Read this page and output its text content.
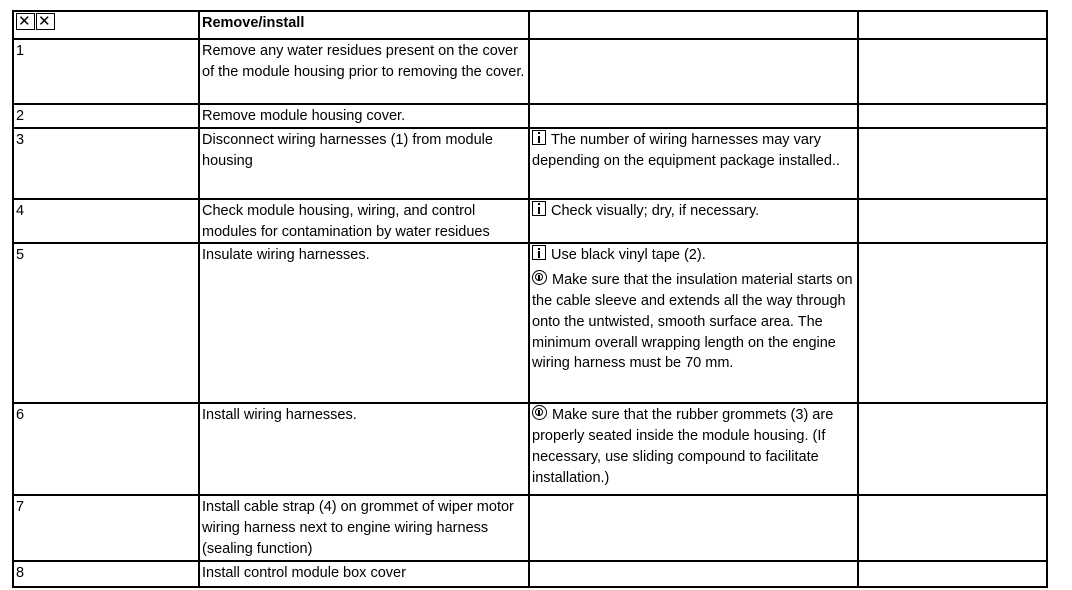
✕
✕
	Remove/install		
1	Remove any water residues present on the cover of the module housing prior to removing the cover.		
2	Remove module housing cover.		
3	Disconnect wiring harnesses (1) from module housing	The number of wiring harnesses may vary depending on the equipment package installed..	

4	Check module housing, wiring, and control modules for contamination by water residues	Check visually; dry, if necessary.	

5	Insulate wiring harnesses.	Use black vinyl tape (2).
Make sure that the insulation material starts on the cable sleeve and extends all the way through onto the untwisted, smooth surface area. The minimum overall wrapping length on the engine wiring harness must be 70 mm.	

6	Install wiring harnesses.	Make sure that the rubber grommets (3) are properly seated inside the module housing. (If necessary, use sliding compound to facilitate installation.)	

7	Install cable strap (4) on grommet of wiper motor wiring harness next to engine wiring harness (sealing function)		
8	Install control module box cover		
